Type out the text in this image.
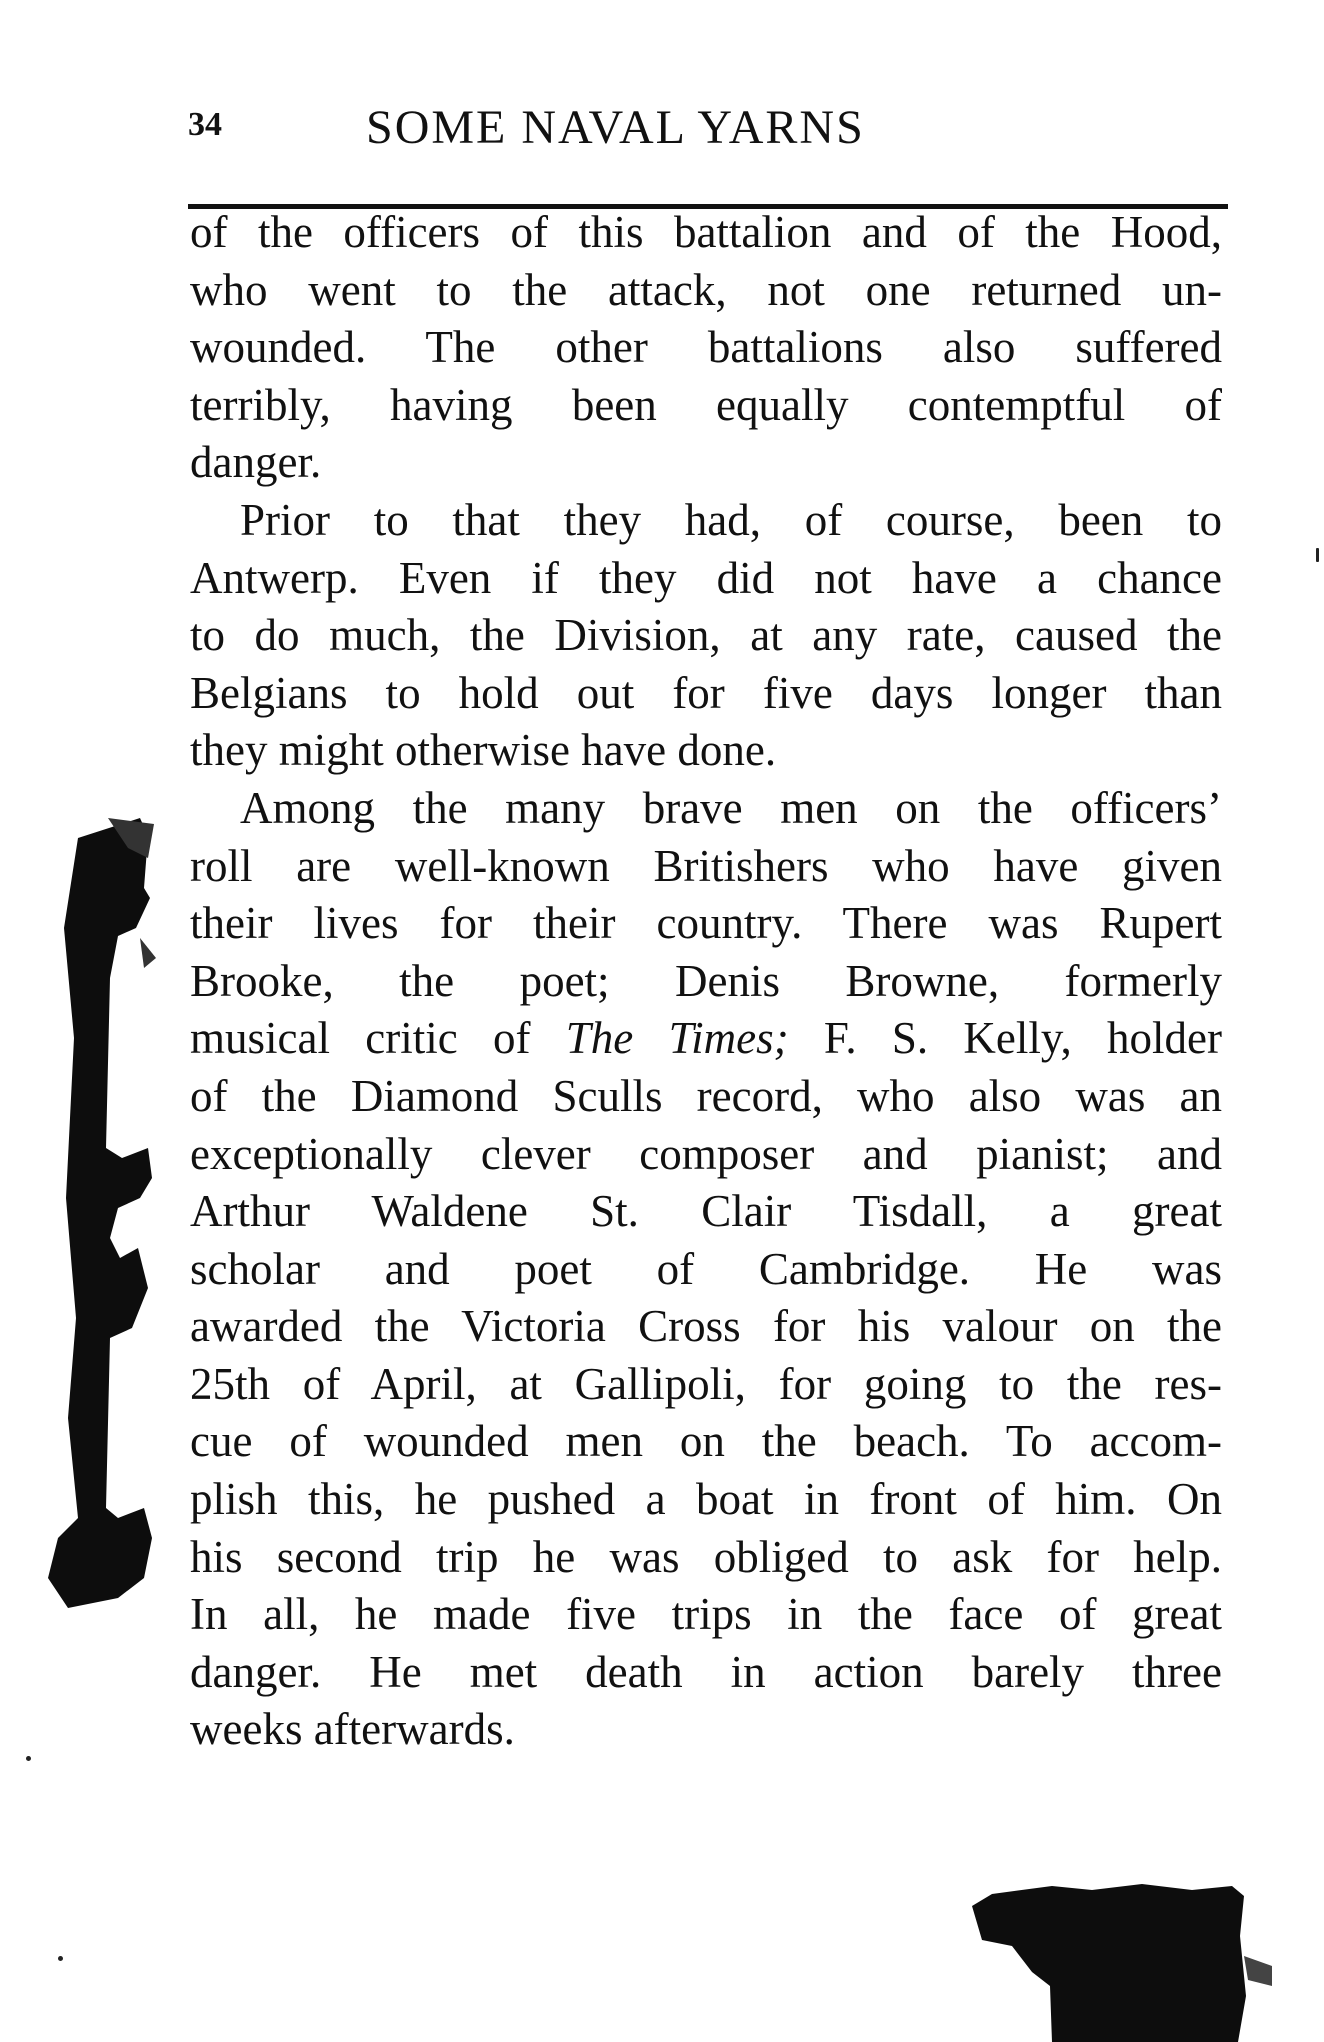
34	SOME NAVAL YARNS
of the officers of this battalion and of the Hood,
who went to the attack, not one returned un-
wounded. The other battalions also suffered
terribly, having been equally contemptful of
danger.
Prior to that they had, of course, been to
Antwerp. Even if they did not have a chance
to do much, the Division, at any rate, caused the
Belgians to hold out for five days longer than
they might otherwise have done.
Among the many brave men on the officers’
roll are well-known Britishers who have given
their lives for their country. There was Rupert
Brooke, the poet; Denis Browne, formerly
musical critic of The Times; F. S. Kelly, holder
of the Diamond Sculls record, who also was an
exceptionally clever composer and pianist; and
Arthur Waldene St. Clair Tisdall, a great
scholar and poet of Cambridge. He was
awarded the Victoria Cross for his valour on the
25th of April, at Gallipoli, for going to the res-
cue of wounded men on the beach. To accom-
plish this, he pushed a boat in front of him. On
his second trip he was obliged to ask for help.
In all, he made five trips in the face of great
danger. He met death in action barely three
weeks afterwards.
